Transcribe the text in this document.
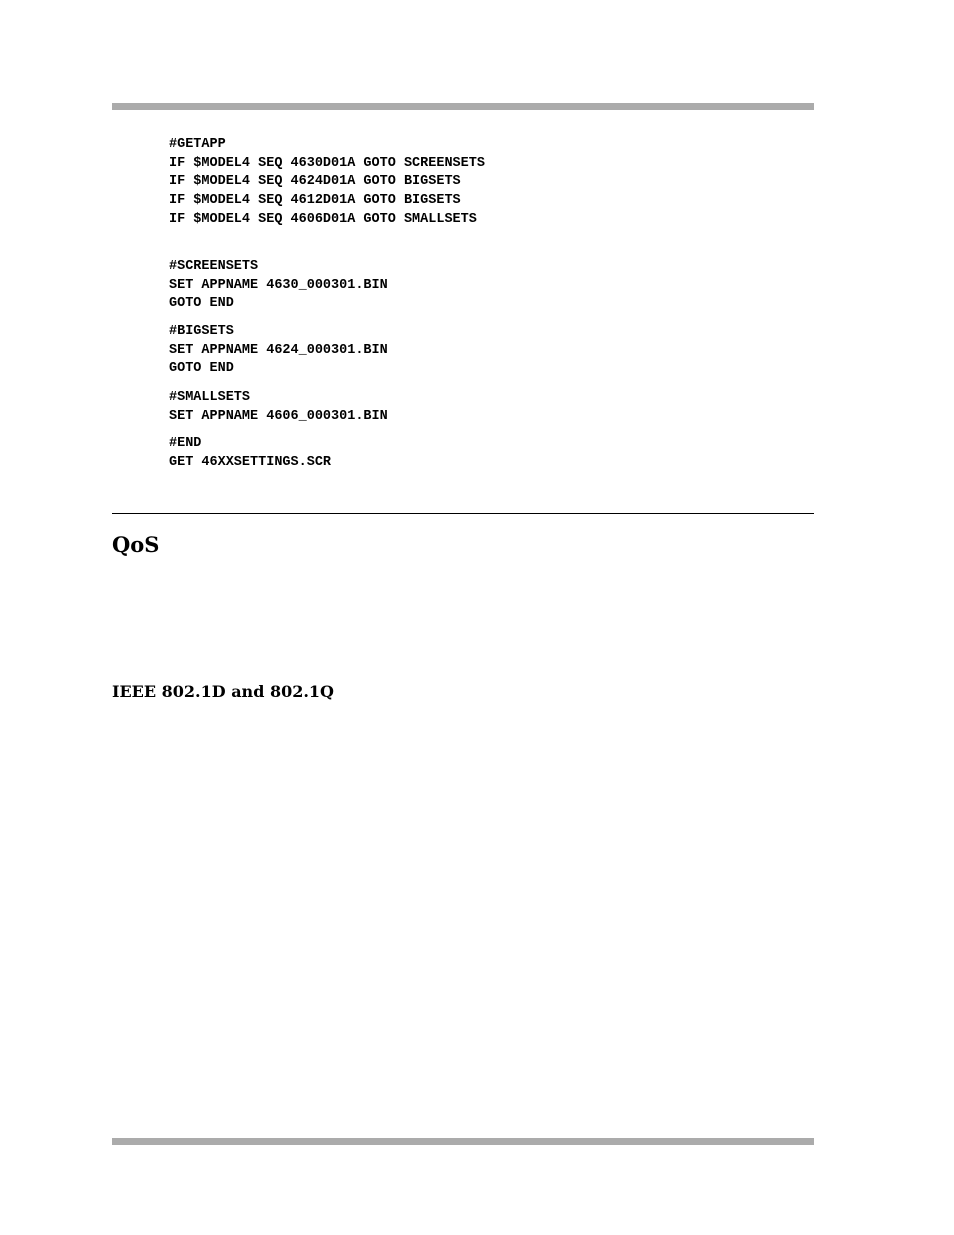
#GETAPP
IF $MODEL4 SEQ 4630D01A GOTO SCREENSETS
IF $MODEL4 SEQ 4624D01A GOTO BIGSETS
IF $MODEL4 SEQ 4612D01A GOTO BIGSETS
IF $MODEL4 SEQ 4606D01A GOTO SMALLSETS
#SCREENSETS
SET APPNAME 4630_000301.BIN
GOTO END
#BIGSETS
SET APPNAME 4624_000301.BIN
GOTO END
#SMALLSETS
SET APPNAME 4606_000301.BIN
#END
GET 46XXSETTINGS.SCR
QoS
IEEE 802.1D and 802.1Q
